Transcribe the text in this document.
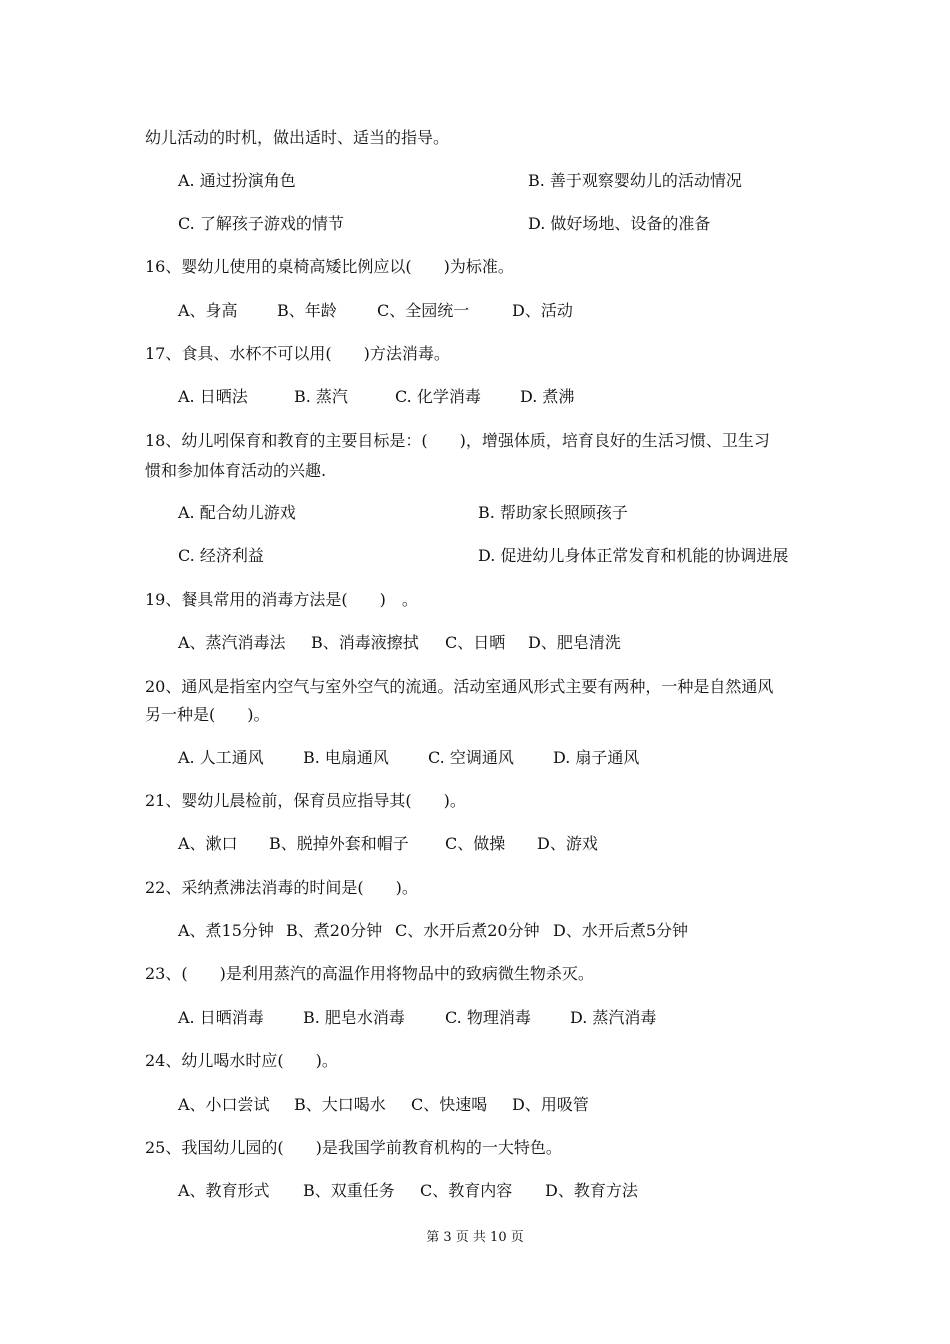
幼儿活动的时机，做出适时、适当的指导。
A. 通过扮演角色	B. 善于观察婴幼儿的活动情况
C. 了解孩子游戏的情节	D. 做好场地、设备的准备
16、婴幼儿使用的桌椅高矮比例应以(　　)为标准。
A、身高 B、年龄	C、全园统一	D、活动
17、食具、水杯不可以用(　　)方法消毒。
A. 日晒法	B. 蒸汽	C. 化学消毒 D. 煮沸
18、幼儿吲保育和教育的主要目标是：(　　)，增强体质，培育良好的生活习惯、卫生习
惯和参加体育活动的兴趣.
A. 配合幼儿游戏	B. 帮助家长照顾孩子
C. 经济利益	D. 促进幼儿身体正常发育和机能的协调进展
19、餐具常用的消毒方法是(　　)　。
A、蒸汽消毒法 B、消毒液擦拭 C、日晒 D、肥皂清洗
20、通风是指室内空气与室外空气的流通。活动室通风形式主要有两种，一种是自然通风
另一种是(　　)。
A. 人工通风 B. 电扇通风 C. 空调通风 D. 扇子通风
21、婴幼儿晨检前，保育员应指导其(　　)。
A、漱口 B、脱掉外套和帽子 C、做操 D、游戏
22、采纳煮沸法消毒的时间是(　　)。
A、煮15分钟 B、煮20分钟 C、水开后煮20分钟 D、水开后煮5分钟
23、(　　)是利用蒸汽的高温作用将物品中的致病微生物杀灭。
A. 日晒消毒 B. 肥皂水消毒	C. 物理消毒 D. 蒸汽消毒
24、幼儿喝水时应(　　)。
A、小口尝试 B、大口喝水 C、快速喝 D、用吸管
25、我国幼儿园的(　　)是我国学前教育机构的一大特色。
A、教育形式 B、双重任务 C、教育内容 D、教育方法
第 3 页 共 10 页
